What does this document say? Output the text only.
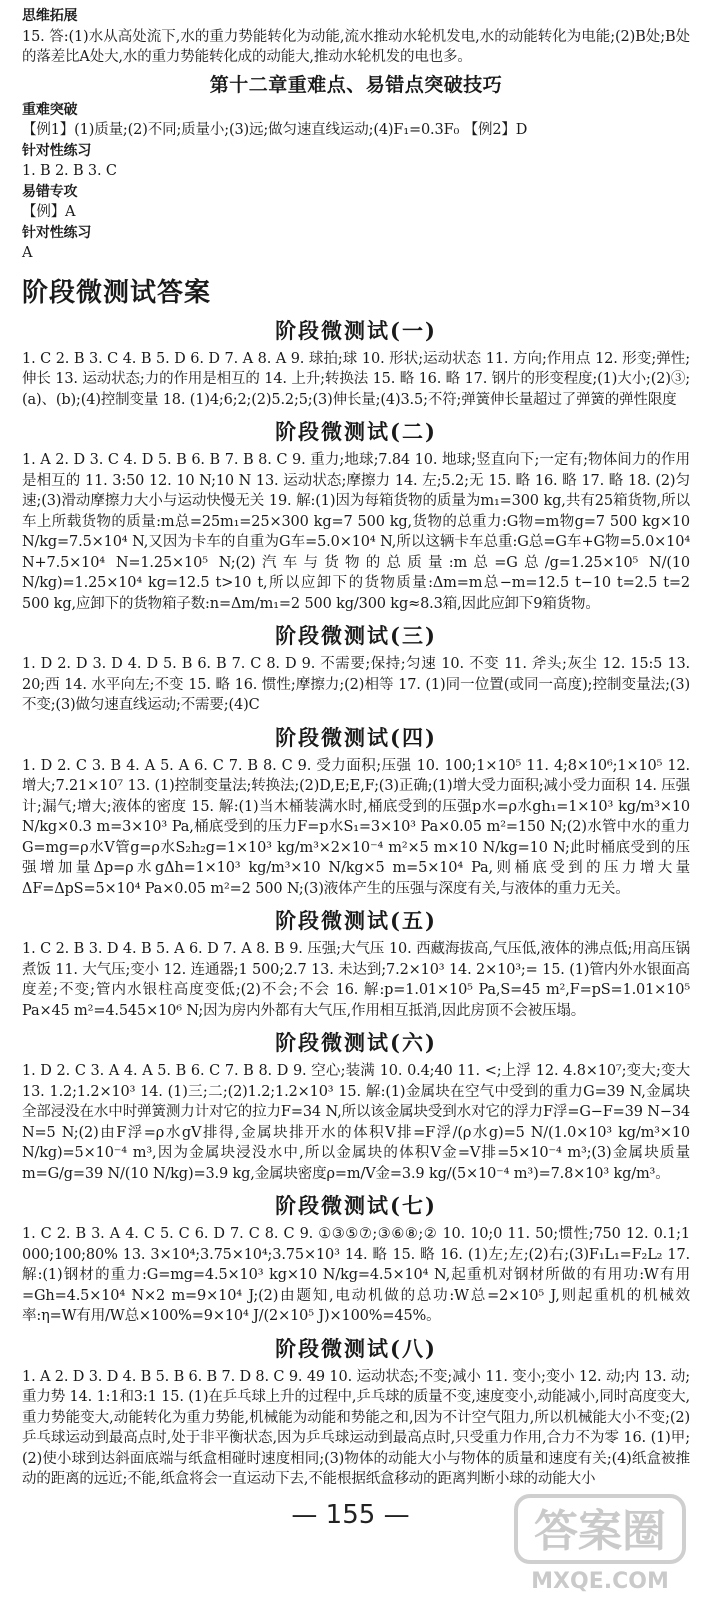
思维拓展

15. 答:(1)水从高处流下,水的重力势能转化为动能,流水推动水轮机发电,水的动能转化为电能;(2)B处;B处的落差比A处大,水的重力势能转化成的动能大,推动水轮机发的电也多。

第十二章重难点、易错点突破技巧
重难突破

【例1】(1)质量;(2)不同;质量小;(3)远;做匀速直线运动;(4)F₁=0.3F₀ 【例2】D

针对性练习

1. B 2. B 3. C

易错专攻

【例】A

针对性练习

A

阶段微测试答案
阶段微测试(一)

1. C 2. B 3. C 4. B 5. D 6. D 7. A 8. A 9. 球拍;球 10. 形状;运动状态 11. 方向;作用点 12. 形变;弹性;伸长 13. 运动状态;力的作用是相互的 14. 上升;转换法 15. 略 16. 略 17. 钢片的形变程度;(1)大小;(2)③;(a)、(b);(4)控制变量 18. (1)4;6;2;(2)5.2;5;(3)伸长量;(4)3.5;不符;弹簧伸长量超过了弹簧的弹性限度

阶段微测试(二)

1. A 2. D 3. C 4. D 5. B 6. B 7. B 8. C 9. 重力;地球;7.84 10. 地球;竖直向下;一定有;物体间力的作用是相互的 11. 3:50 12. 10 N;10 N 13. 运动状态;摩擦力 14. 左;5.2;无 15. 略 16. 略 17. 略 18. (2)匀速;(3)滑动摩擦力大小与运动快慢无关 19. 解:(1)因为每箱货物的质量为m₁=300 kg,共有25箱货物,所以车上所载货物的质量:m总=25m₁=25×300 kg=7 500 kg,货物的总重力:G物=m物g=7 500 kg×10 N/kg=7.5×10⁴ N,又因为卡车的自重为G车=5.0×10⁴ N,所以这辆卡车总重:G总=G车+G物=5.0×10⁴ N+7.5×10⁴ N=1.25×10⁵ N;(2)汽车与货物的总质量:m总=G总/g=1.25×10⁵ N/(10 N/kg)=1.25×10⁴ kg=12.5 t>10 t,所以应卸下的货物质量:Δm=m总−m=12.5 t−10 t=2.5 t=2 500 kg,应卸下的货物箱子数:n=Δm/m₁=2 500 kg/300 kg≈8.3箱,因此应卸下9箱货物。

阶段微测试(三)

1. D 2. D 3. D 4. D 5. B 6. B 7. C 8. D 9. 不需要;保持;匀速 10. 不变 11. 斧头;灰尘 12. 15:5 13. 20;西 14. 水平向左;不变 15. 略 16. 惯性;摩擦力;(2)相等 17. (1)同一位置(或同一高度);控制变量法;(3)不变;(3)做匀速直线运动;不需要;(4)C

阶段微测试(四)

1. D 2. C 3. B 4. A 5. A 6. C 7. B 8. C 9. 受力面积;压强 10. 100;1×10⁵ 11. 4;8×10⁶;1×10⁵ 12. 增大;7.21×10⁷ 13. (1)控制变量法;转换法;(2)D,E;E,F;(3)正确;(1)增大受力面积;减小受力面积 14. 压强计;漏气;增大;液体的密度 15. 解:(1)当木桶装满水时,桶底受到的压强p水=ρ水gh₁=1×10³ kg/m³×10 N/kg×0.3 m=3×10³ Pa,桶底受到的压力F=p水S₁=3×10³ Pa×0.05 m²=150 N;(2)水管中水的重力G=mg=ρ水V管g=ρ水S₂h₂g=1×10³ kg/m³×2×10⁻⁴ m²×5 m×10 N/kg=10 N;此时桶底受到的压强增加量Δp=ρ水gΔh=1×10³ kg/m³×10 N/kg×5 m=5×10⁴ Pa,则桶底受到的压力增大量ΔF=ΔpS=5×10⁴ Pa×0.05 m²=2 500 N;(3)液体产生的压强与深度有关,与液体的重力无关。

阶段微测试(五)

1. C 2. B 3. D 4. B 5. A 6. D 7. A 8. B 9. 压强;大气压 10. 西藏海拔高,气压低,液体的沸点低;用高压锅煮饭 11. 大气压;变小 12. 连通器;1 500;2.7 13. 未达到;7.2×10³ 14. 2×10³;= 15. (1)管内外水银面高度差;不变;管内水银柱高度变低;(2)不会;不会 16. 解:p=1.01×10⁵ Pa,S=45 m²,F=pS=1.01×10⁵ Pa×45 m²=4.545×10⁶ N;因为房内外都有大气压,作用相互抵消,因此房顶不会被压塌。

阶段微测试(六)

1. D 2. C 3. A 4. A 5. B 6. C 7. B 8. D 9. 空心;装满 10. 0.4;40 11. <;上浮 12. 4.8×10⁷;变大;变大 13. 1.2;1.2×10³ 14. (1)三;二;(2)1.2;1.2×10³ 15. 解:(1)金属块在空气中受到的重力G=39 N,金属块全部浸没在水中时弹簧测力计对它的拉力F=34 N,所以该金属块受到水对它的浮力F浮=G−F=39 N−34 N=5 N;(2)由F浮=ρ水gV排得,金属块排开水的体积V排=F浮/(ρ水g)=5 N/(1.0×10³ kg/m³×10 N/kg)=5×10⁻⁴ m³,因为金属块浸没水中,所以金属块的体积V金=V排=5×10⁻⁴ m³;(3)金属块质量m=G/g=39 N/(10 N/kg)=3.9 kg,金属块密度ρ=m/V金=3.9 kg/(5×10⁻⁴ m³)=7.8×10³ kg/m³。

阶段微测试(七)

1. C 2. B 3. A 4. C 5. C 6. D 7. C 8. C 9. ①③⑤⑦;③⑥⑧;② 10. 10;0 11. 50;惯性;750 12. 0.1;1 000;100;80% 13. 3×10⁴;3.75×10⁴;3.75×10³ 14. 略 15. 略 16. (1)左;左;(2)右;(3)F₁L₁=F₂L₂ 17. 解:(1)钢材的重力:G=mg=4.5×10³ kg×10 N/kg=4.5×10⁴ N,起重机对钢材所做的有用功:W有用=Gh=4.5×10⁴ N×2 m=9×10⁴ J;(2)由题知,电动机做的总功:W总=2×10⁵ J,则起重机的机械效率:η=W有用/W总×100%=9×10⁴ J/(2×10⁵ J)×100%=45%。

阶段微测试(八)

1. A 2. D 3. D 4. B 5. B 6. B 7. D 8. C 9. 49 10. 运动状态;不变;减小 11. 变小;变小 12. 动;内 13. 动;重力势 14. 1:1和3:1 15. (1)在乒乓球上升的过程中,乒乓球的质量不变,速度变小,动能减小,同时高度变大,重力势能变大,动能转化为重力势能,机械能为动能和势能之和,因为不计空气阻力,所以机械能大小不变;(2)乒乓球运动到最高点时,处于非平衡状态,因为乒乓球运动到最高点时,只受重力作用,合力不为零 16. (1)甲;(2)使小球到达斜面底端与纸盒相碰时速度相同;(3)物体的动能大小与物体的质量和速度有关;(4)纸盒被推动的距离的远近;不能,纸盒将会一直运动下去,不能根据纸盒移动的距离判断小球的动能大小

— 155 —	答案圈
MXQE.COM
